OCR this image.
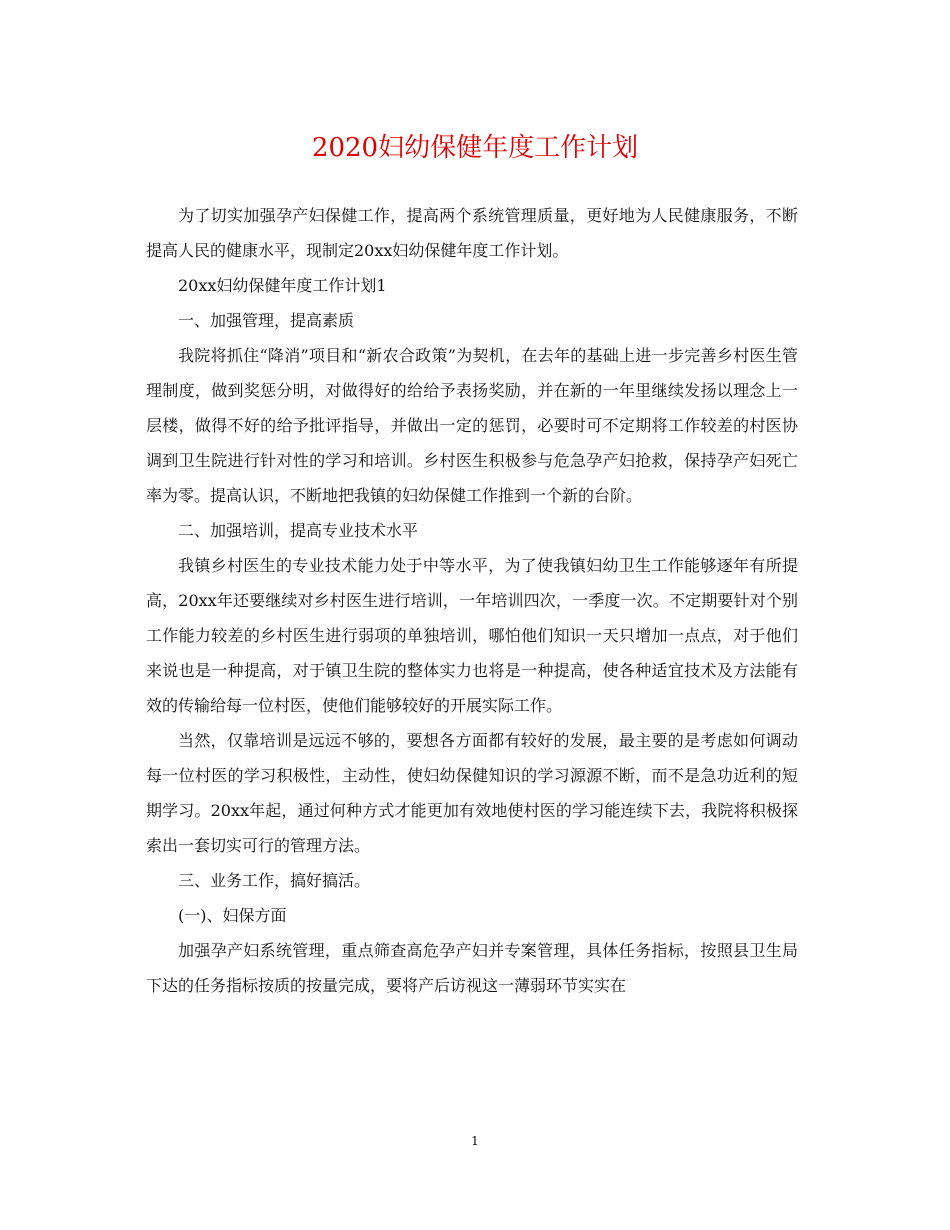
2020妇幼保健年度工作计划

为了切实加强孕产妇保健工作，提高两个系统管理质量，更好地为人民健康服务，不断提高人民的健康水平，现制定20xx妇幼保健年度工作计划。

20xx妇幼保健年度工作计划1

一、加强管理，提高素质

我院将抓住“降消”项目和“新农合政策”为契机，在去年的基础上进一步完善乡村医生管理制度，做到奖惩分明，对做得好的给给予表扬奖励，并在新的一年里继续发扬以理念上一层楼，做得不好的给予批评指导，并做出一定的惩罚，必要时可不定期将工作较差的村医协调到卫生院进行针对性的学习和培训。乡村医生积极参与危急孕产妇抢救，保持孕产妇死亡率为零。提高认识，不断地把我镇的妇幼保健工作推到一个新的台阶。

二、加强培训，提高专业技术水平

我镇乡村医生的专业技术能力处于中等水平，为了使我镇妇幼卫生工作能够逐年有所提高，20xx年还要继续对乡村医生进行培训，一年培训四次，一季度一次。不定期要针对个别工作能力较差的乡村医生进行弱项的单独培训，哪怕他们知识一天只增加一点点，对于他们来说也是一种提高，对于镇卫生院的整体实力也将是一种提高，使各种适宜技术及方法能有效的传输给每一位村医，使他们能够较好的开展实际工作。

当然，仅靠培训是远远不够的，要想各方面都有较好的发展，最主要的是考虑如何调动每一位村医的学习积极性，主动性，使妇幼保健知识的学习源源不断，而不是急功近利的短期学习。20xx年起，通过何种方式才能更加有效地使村医的学习能连续下去，我院将积极探索出一套切实可行的管理方法。

三、业务工作，搞好搞活。

(一)、妇保方面

加强孕产妇系统管理，重点筛查高危孕产妇并专案管理，具体任务指标，按照县卫生局下达的任务指标按质的按量完成，要将产后访视这一薄弱环节实实在

1
